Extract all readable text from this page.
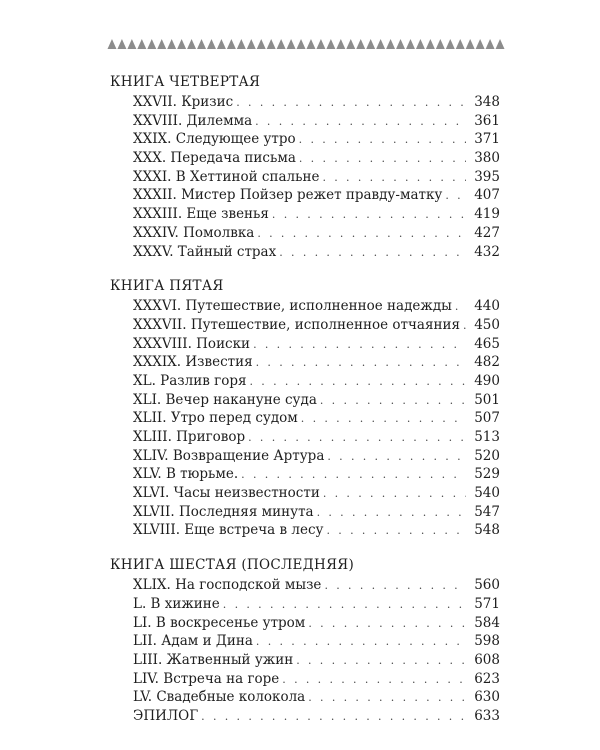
КНИГА ЧЕТВЕРТАЯ
XXVII. Кризис . . .	348
XXVIII. Дилемма . . .	361
XXIX. Следующее утро . . .	371
XXX. Передача письма . . .	380
XXXI. В Хеттиной спальне . . .	395
XXXII. Мистер Пойзер режет правду-матку . . .	407
XXXIII. Еще звенья . . .	419
XXXIV. Помолвка . . .	427
XXXV. Тайный страх . . .	432
КНИГА ПЯТАЯ
XXXVI. Путешествие, исполненное надежды . . .	440
XXXVII. Путешествие, исполненное отчаяния . . .	450
XXXVIII. Поиски . . .	465
XXXIX. Известия . . .	482
XL. Разлив горя . . .	490
XLI. Вечер накануне суда . . .	501
XLII. Утро перед судом . . .	507
XLIII. Приговор . . .	513
XLIV. Возвращение Артура . . .	520
XLV. В тюрьме. . . .	529
XLVI. Часы неизвестности . . .	540
XLVII. Последняя минута . . .	547
XLVIII. Еще встреча в лесу . . .	548
КНИГА ШЕСТАЯ (ПОСЛЕДНЯЯ)
XLIX. На господской мызе . . .	560
L. В хижине . . .	571
LI. В воскресенье утром . . .	584
LII. Адам и Дина . . .	598
LIII. Жатвенный ужин . . .	608
LIV. Встреча на горе . . .	623
LV. Свадебные колокола . . .	630
ЭПИЛОГ . . .	633
